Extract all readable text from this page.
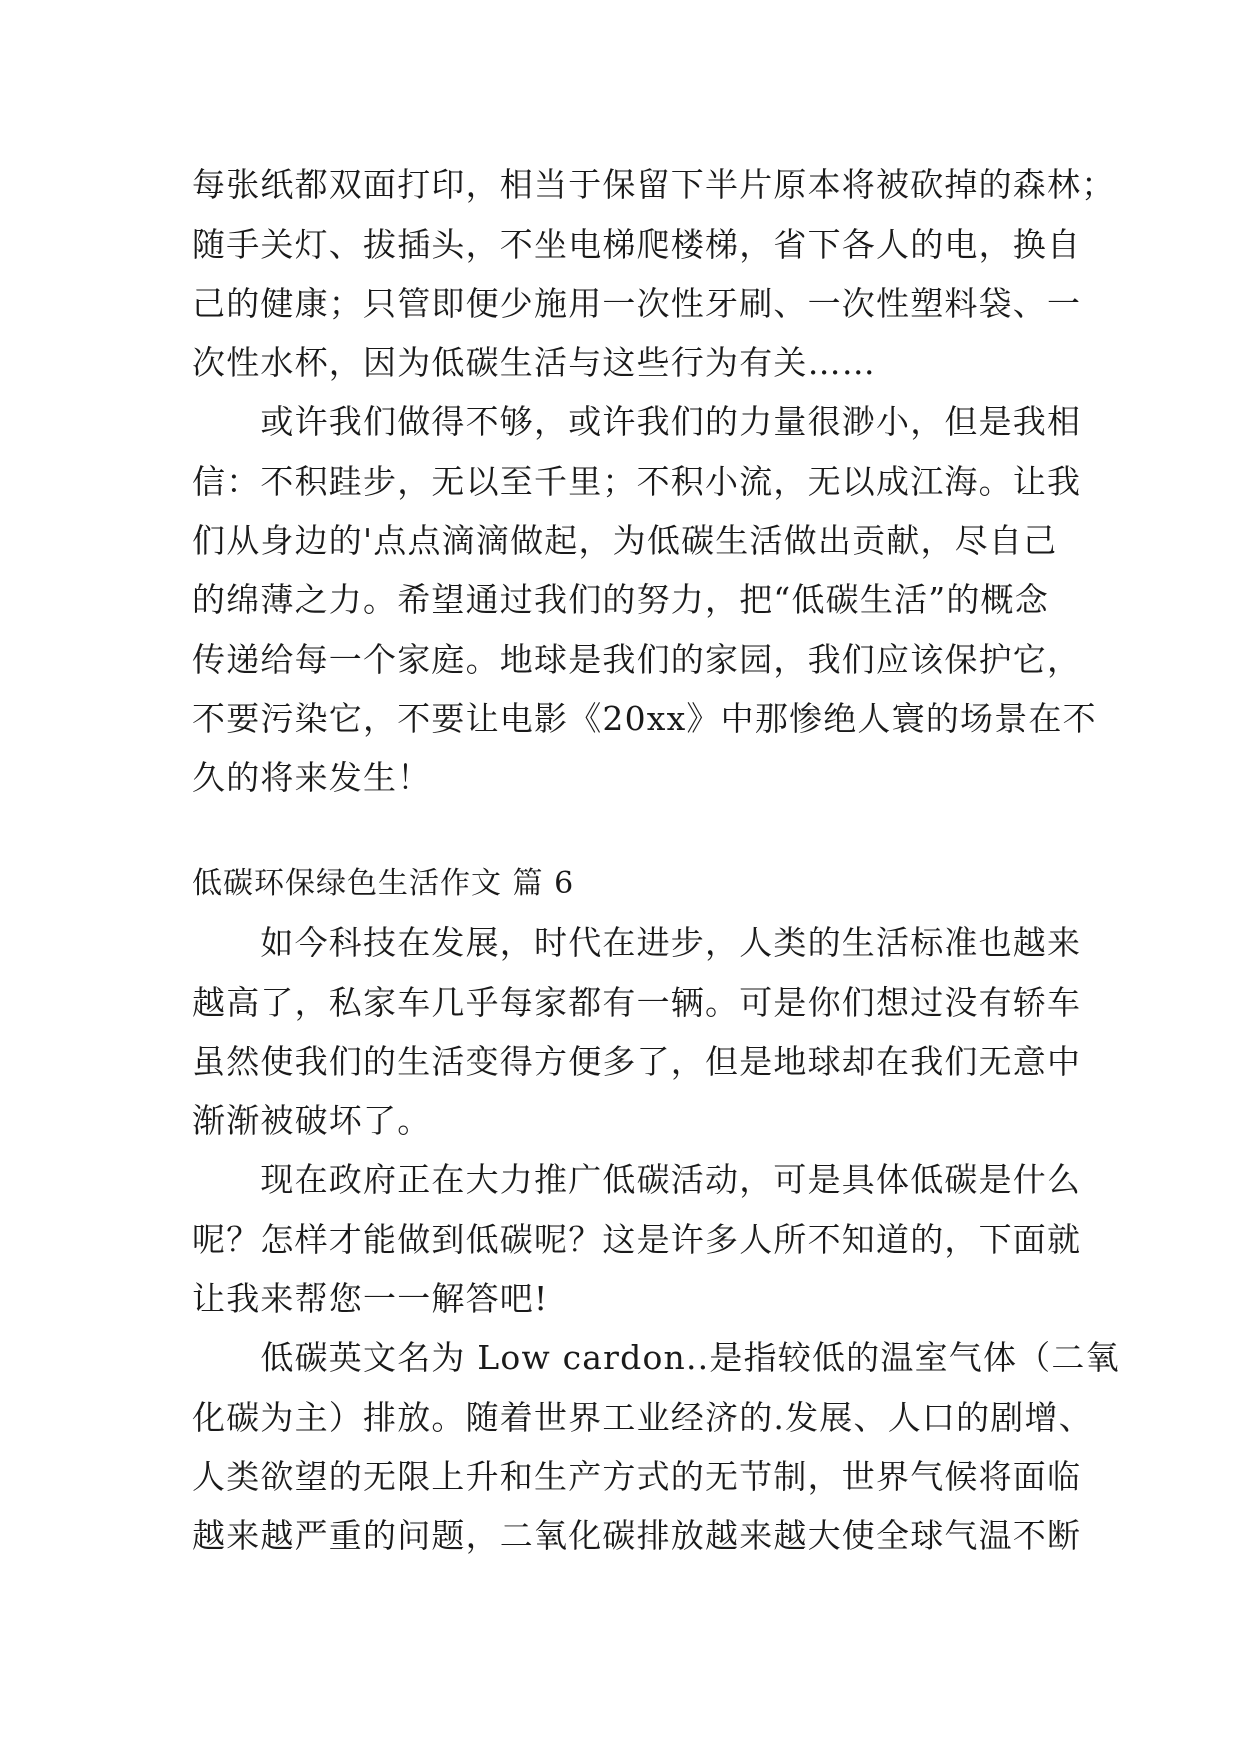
每张纸都双面打印，相当于保留下半片原本将被砍掉的森林；
随手关灯、拔插头，不坐电梯爬楼梯，省下各人的电，换自
己的健康；只管即便少施用一次性牙刷、一次性塑料袋、一
次性水杯，因为低碳生活与这些行为有关……
　　或许我们做得不够，或许我们的力量很渺小，但是我相
信：不积跬步，无以至千里；不积小流，无以成江海。让我
们从身边的'点点滴滴做起，为低碳生活做出贡献，尽自己
的绵薄之力。希望通过我们的努力，把“低碳生活”的概念
传递给每一个家庭。地球是我们的家园，我们应该保护它，
不要污染它，不要让电影《20xx》中那惨绝人寰的场景在不
久的将来发生！
低碳环保绿色生活作文 篇 6
　　如今科技在发展，时代在进步，人类的生活标准也越来
越高了，私家车几乎每家都有一辆。可是你们想过没有轿车
虽然使我们的生活变得方便多了，但是地球却在我们无意中
渐渐被破坏了。
　　现在政府正在大力推广低碳活动，可是具体低碳是什么
呢？怎样才能做到低碳呢？这是许多人所不知道的，下面就
让我来帮您一一解答吧!
　　低碳英文名为 Low cardon..是指较低的温室气体（二氧
化碳为主）排放。随着世界工业经济的.发展、人口的剧增、
人类欲望的无限上升和生产方式的无节制，世界气候将面临
越来越严重的问题，二氧化碳排放越来越大使全球气温不断
